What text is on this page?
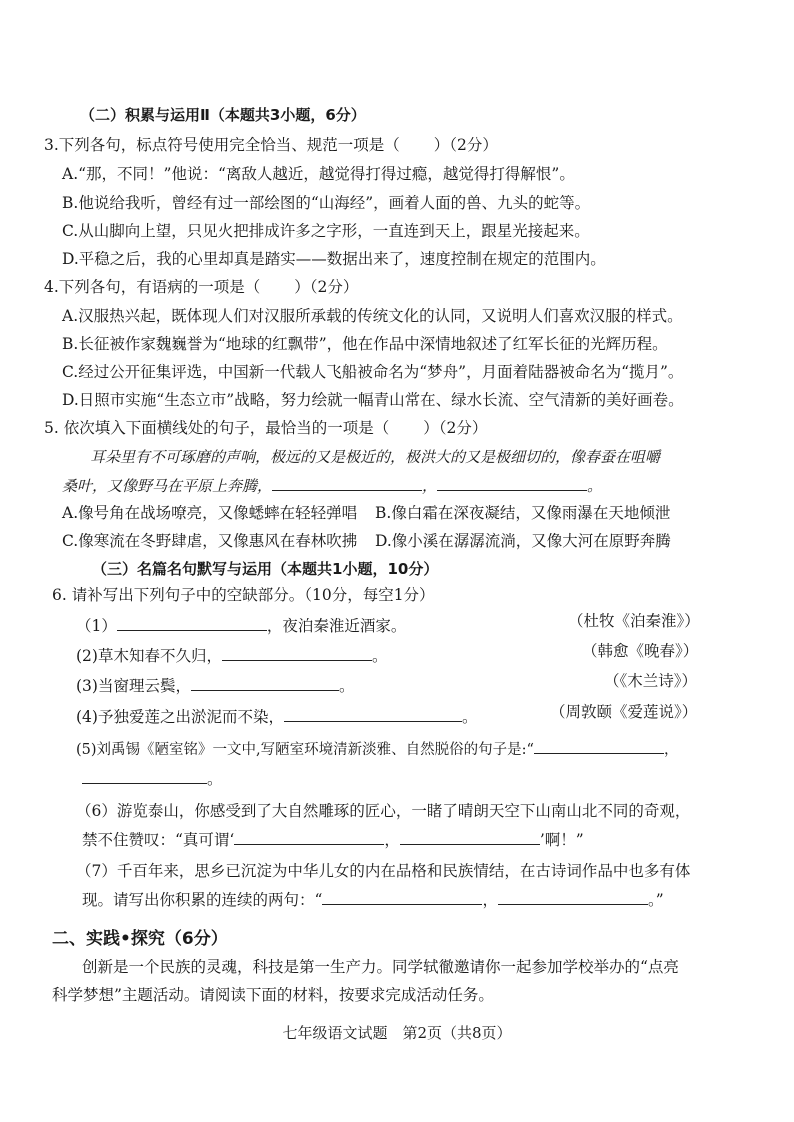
（二）积累与运用Ⅱ（本题共3小题，6分）
3.下列各句，标点符号使用完全恰当、规范一项是（ ）（2分）
A.“那，不同！”他说：“离敌人越近，越觉得打得过瘾，越觉得打得解恨”。
B.他说给我听，曾经有过一部绘图的“山海经”，画着人面的兽、九头的蛇等。
C.从山脚向上望，只见火把排成许多之字形，一直连到天上，跟星光接起来。
D.平稳之后，我的心里却真是踏实——数据出来了，速度控制在规定的范围内。
4.下列各句，有语病的一项是（ ）（2分）
A.汉服热兴起，既体现人们对汉服所承载的传统文化的认同，又说明人们喜欢汉服的样式。
B.长征被作家魏巍誉为“地球的红飘带”，他在作品中深情地叙述了红军长征的光辉历程。
C.经过公开征集评选，中国新一代载人飞船被命名为“梦舟”，月面着陆器被命名为“揽月”。
D.日照市实施“生态立市”战略，努力绘就一幅青山常在、绿水长流、空气清新的美好画卷。
5. 依次填入下面横线处的句子，最恰当的一项是（ ）（2分）
耳朵里有不可琢磨的声响，极远的又是极近的，极洪大的又是极细切的，像春蚕在咀嚼
桑叶，又像野马在平原上奔腾，	，	。
A.像号角在战场嘹亮，又像蟋蟀在轻轻弹唱 B.像白霜在深夜凝结，又像雨瀑在天地倾泄
C.像寒流在冬野肆虐，又像惠风在春林吹拂 D.像小溪在潺潺流淌，又像大河在原野奔腾
（三）名篇名句默写与运用（本题共1小题，10分）
6. 请补写出下列句子中的空缺部分。（10分，每空1分）
（1）	，夜泊秦淮近酒家。	（杜牧《泊秦淮》）
(2)草木知春不久归，	。	（韩愈《晚春》）
(3)当窗理云鬓，	。	（《木兰诗》）
(4)予独爱莲之出淤泥而不染，	。	（周敦颐《爱莲说》）
(5)刘禹锡《陋室铭》一文中,写陋室环境清新淡雅、自然脱俗的句子是:“	，
。
（6）游览泰山，你感受到了大自然雕琢的匠心，一睹了晴朗天空下山南山北不同的奇观，
禁不住赞叹：“真可谓‘	，	’啊！”
（7）千百年来，思乡已沉淀为中华儿女的内在品格和民族情结，在古诗词作品中也多有体
现。请写出你积累的连续的两句：“	，	。”
二、实践•探究（6分）
创新是一个民族的灵魂，科技是第一生产力。同学轼徹邀请你一起参加学校举办的“点亮
科学梦想”主题活动。请阅读下面的材料，按要求完成活动任务。
七年级语文试题　第2页（共8页）
